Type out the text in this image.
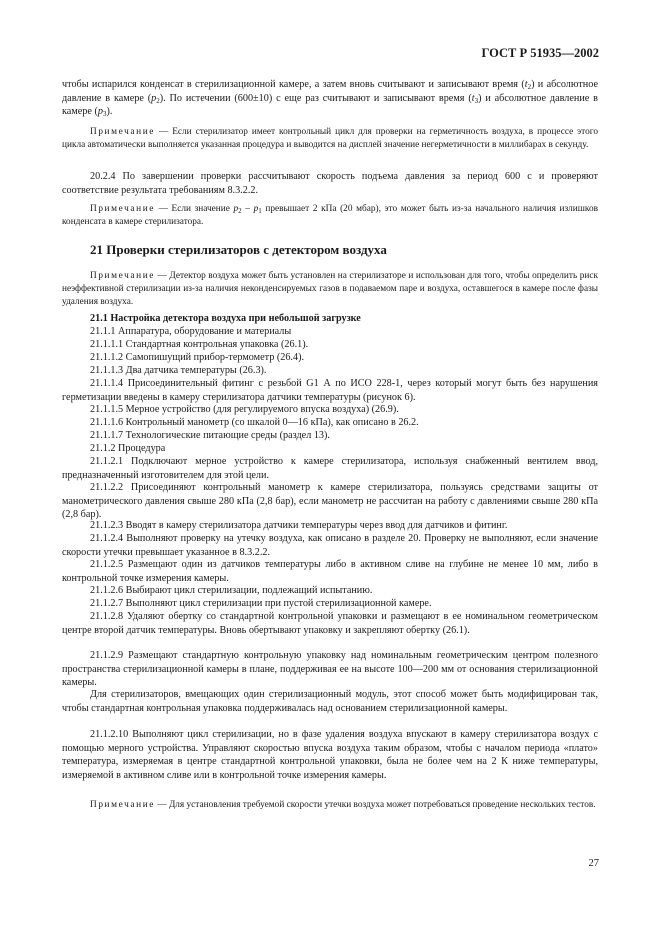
ГОСТ Р 51935—2002

чтобы испарился конденсат в стерилизационной камере, а затем вновь считывают и записывают время $(t_2)$ и абсолютное давление в камере $(p_2)$. По истечении (600±10) с еще раз считывают и записывают время $(t_3)$ и абсолютное давление в камере $(p_3)$.

Примечание — Если стерилизатор имеет контрольный цикл для проверки на герметичность воздуха, в процессе этого цикла автоматически выполняется указанная процедура и выводится на дисплей значение негерметичности в миллибарах в секунду.

20.2.4 По завершении проверки рассчитывают скорость подъема давления за период 600 с и проверяют соответствие результата требованиям 8.3.2.2.

Примечание — Если значение $p_2 - p_1$ превышает 2 кПа (20 мбар), это может быть из-за начального наличия излишков конденсата в камере стерилизатора.

21 Проверки стерилизаторов с детектором воздуха

Примечание — Детектор воздуха может быть установлен на стерилизаторе и использован для того, чтобы определить риск неэффективной стерилизации из-за наличия неконденсируемых газов в подаваемом паре и воздуха, оставшегося в камере после фазы удаления воздуха.

21.1 Настройка детектора воздуха при небольшой загрузке

21.1.1 Аппаратура, оборудование и материалы

21.1.1.1 Стандартная контрольная упаковка (26.1).

21.1.1.2 Самопишущий прибор-термометр (26.4).

21.1.1.3 Два датчика температуры (26.3).

21.1.1.4 Присоединительный фитинг с резьбой G1 А по ИСО 228-1, через который могут быть без нарушения герметизации введены в камеру стерилизатора датчики температуры (рисунок 6).

21.1.1.5 Мерное устройство (для регулируемого впуска воздуха) (26.9).

21.1.1.6 Контрольный манометр (со шкалой 0—16 кПа), как описано в 26.2.

21.1.1.7 Технологические питающие среды (раздел 13).

21.1.2 Процедура

21.1.2.1 Подключают мерное устройство к камере стерилизатора, используя снабженный вентилем ввод, предназначенный изготовителем для этой цели.

21.1.2.2 Присоединяют контрольный манометр к камере стерилизатора, пользуясь средствами защиты от манометрического давления свыше 280 кПа (2,8 бар), если манометр не рассчитан на работу с давлениями свыше 280 кПа (2,8 бар).

21.1.2.3 Вводят в камеру стерилизатора датчики температуры через ввод для датчиков и фитинг.

21.1.2.4 Выполняют проверку на утечку воздуха, как описано в разделе 20. Проверку не выполняют, если значение скорости утечки превышает указанное в 8.3.2.2.

21.1.2.5 Размещают один из датчиков температуры либо в активном сливе на глубине не менее 10 мм, либо в контрольной точке измерения камеры.

21.1.2.6 Выбирают цикл стерилизации, подлежащий испытанию.

21.1.2.7 Выполняют цикл стерилизации при пустой стерилизационной камере.

21.1.2.8 Удаляют обертку со стандартной контрольной упаковки и размещают в ее номинальном геометрическом центре второй датчик температуры. Вновь обертывают упаковку и закрепляют обертку (26.1).

21.1.2.9 Размещают стандартную контрольную упаковку над номинальным геометрическим центром полезного пространства стерилизационной камеры в плане, поддерживая ее на высоте 100—200 мм от основания стерилизационной камеры.

Для стерилизаторов, вмещающих один стерилизационный модуль, этот способ может быть модифицирован так, чтобы стандартная контрольная упаковка поддерживалась над основанием стерилизационной камеры.

21.1.2.10 Выполняют цикл стерилизации, но в фазе удаления воздуха впускают в камеру стерилизатора воздух с помощью мерного устройства. Управляют скоростью впуска воздуха таким образом, чтобы с началом периода «плато» температура, измеряемая в центре стандартной контрольной упаковки, была не более чем на 2 К ниже температуры, измеряемой в активном сливе или в контрольной точке измерения камеры.

Примечание — Для установления требуемой скорости утечки воздуха может потребоваться проведение нескольких тестов.

27
